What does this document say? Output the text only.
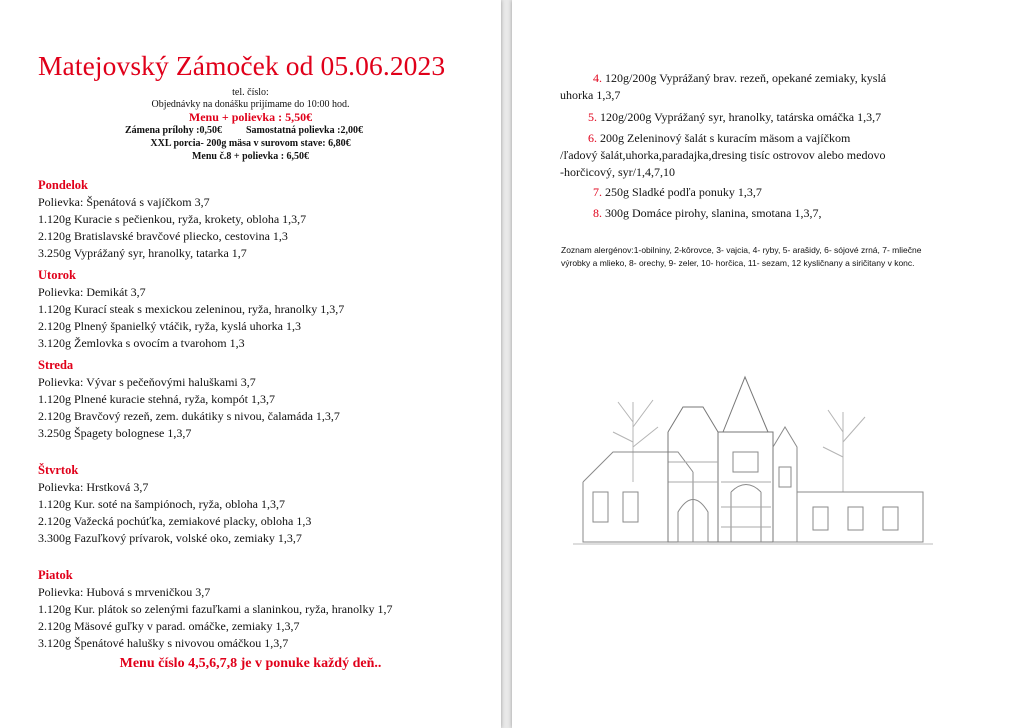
Matejovský Zámoček od 05.06.2023
tel. číslo:
Objednávky na donášku prijímame do 10:00 hod.
Menu + polievka : 5,50€
Zámena prílohy :0,50€ Samostatná polievka :2,00€
XXL porcia- 200g mäsa v surovom stave: 6,80€
Menu č.8 + polievka : 6,50€
Pondelok
Polievka: Špenátová s vajíčkom 3,7
1.120g Kuracie s pečienkou, ryža, krokety, obloha 1,3,7
2.120g Bratislavské bravčové pliecko, cestovina 1,3
3.250g Vyprážaný syr, hranolky, tatarka 1,7
Utorok
Polievka: Demikát 3,7
1.120g Kurací steak s mexickou zeleninou, ryža, hranolky 1,3,7
2.120g Plnený španielký vtáčik, ryža, kyslá uhorka 1,3
3.120g Žemlovka s ovocím a tvarohom 1,3
Streda
Polievka: Vývar s pečeňovými haluškami 3,7
1.120g Plnené kuracie stehná, ryža, kompót 1,3,7
2.120g Bravčový rezeň, zem. dukátiky s nivou, čalamáda 1,3,7
3.250g Špagety bolognese 1,3,7
Štvrtok
Polievka: Hrstková 3,7
1.120g Kur. soté na šampiónoch, ryža, obloha 1,3,7
2.120g Važecká pochúťka, zemiakové placky, obloha 1,3
3.300g Fazuľkový prívarok, volské oko, zemiaky 1,3,7
Piatok
Polievka: Hubová s mrveničkou 3,7
1.120g Kur. plátok so zelenými fazuľkami a slaninkou, ryža, hranolky 1,7
2.120g Mäsové guľky v parad. omáčke, zemiaky 1,3,7
3.120g Špenátové halušky s nivovou omáčkou 1,3,7
Menu číslo 4,5,6,7,8 je v ponuke každý deň..
4. 120g/200g Vyprážaný brav. rezeň, opekané zemiaky, kyslá
uhorka 1,3,7
5. 120g/200g Vyprážaný syr, hranolky, tatárska omáčka 1,3,7
6. 200g Zeleninový šalát s kuracím mäsom a vajíčkom
/ľadový šalát,uhorka,paradajka,dresing tisíc ostrovov alebo medovo
-horčicový, syr/1,4,7,10
7. 250g Sladké podľa ponuky 1,3,7
8. 300g Domáce pirohy, slanina, smotana 1,3,7,
Zoznam alergénov:1-obilniny, 2-kôrovce, 3- vajcia, 4- ryby, 5- arašidy, 6- sójové zrná, 7- mliečne
výrobky a mlieko, 8- orechy, 9- zeler, 10- horčica, 11- sezam, 12 kysličnany a siričitany v konc.
